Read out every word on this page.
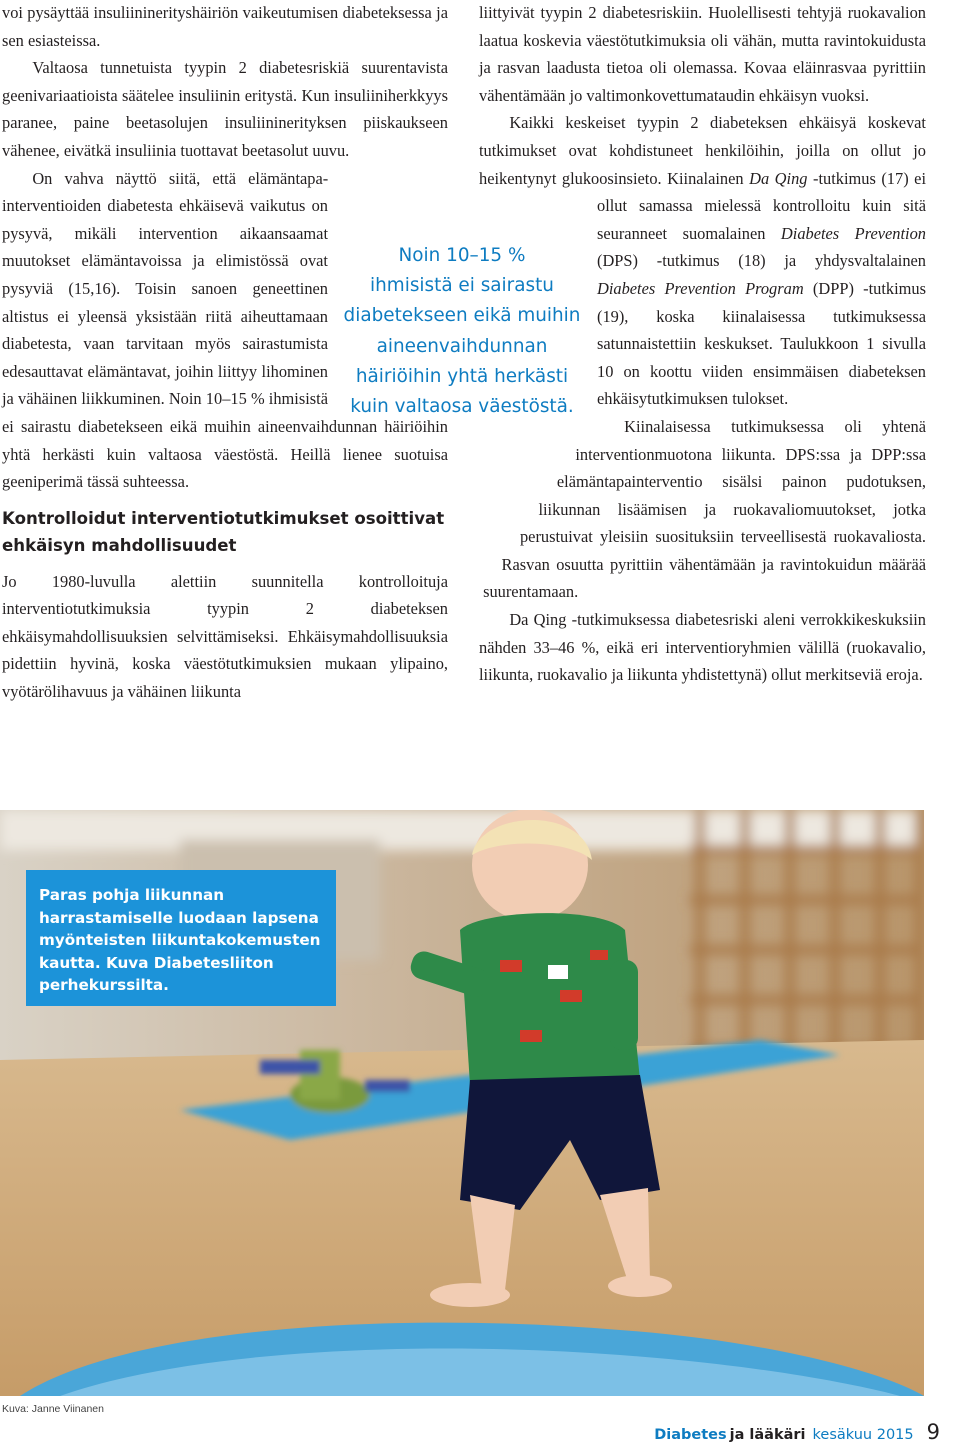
voi pysäyttää insuliininerityshäiriön vaikeutumisen diabeteksessa ja sen esiasteissa.

Valtaosa tunnetuista tyypin 2 diabetesriskiä suurentavista geenivariaatioista säätelee insuliinin eritystä. Kun insuliiniherkkyys paranee, paine beetasolujen insuliininerityksen piiskaukseen vähenee, eivätkä insuliinia tuottavat beetasolut uuvu.

On vahva näyttö siitä, että elämäntapainterventioiden diabetesta ehkäisevä vaikutus on pysyvä, mikäli intervention aikaansaamat muutokset elämäntavoissa ja elimistössä ovat pysyviä (15,16). Toisin sanoen geneettinen altistus ei yleensä yksistään riitä aiheuttamaan diabetesta, vaan tarvitaan myös sairastumista edesauttavat elämäntavat, joihin liittyy lihominen ja vähäinen liikkuminen. Noin 10–15 % ihmisistä ei sairastu diabetekseen eikä muihin aineenvaihdunnan häiriöihin yhtä herkästi kuin valtaosa väestöstä. Heillä lienee suotuisa geeniperimä tässä suhteessa.

Kontrolloidut interventiotutkimukset osoittivat ehkäisyn mahdollisuudet

Jo 1980-luvulla alettiin suunnitella kontrolloituja interventiotutkimuksia tyypin 2 diabeteksen ehkäisymahdollisuuksien selvittämiseksi. Ehkäisymahdollisuuksia pidettiin hyvinä, koska väestötutkimuksien mukaan ylipaino, vyötärölihavuus ja vähäinen liikunta

liittyivät tyypin 2 diabetesriskiin. Huolellisesti tehtyjä ruokavalion laatua koskevia väestötutkimuksia oli vähän, mutta ravintokuidusta ja rasvan laadusta tietoa oli olemassa. Kovaa eläinrasvaa pyrittiin vähentämään jo valtimonkovettumataudin ehkäisyn vuoksi.

Kaikki keskeiset tyypin 2 diabeteksen ehkäisyä koskevat tutkimukset ovat kohdistuneet henkilöihin, joilla on ollut jo heikentynyt glukoosinsieto. Kiinalainen
Da Qing -tutkimus (17) ei ollut samassa mielessä kontrolloitu kuin sitä seuranneet suomalainen Diabetes Prevention (DPS) -tutkimus (18) ja yhdysvaltalainen Diabetes Prevention Program (DPP) -tutkimus (19), koska kiinalaisessa tutkimuksessa satunnaistettiin keskukset. Taulukkoon 1 sivulla 10 on koottu viiden ensimmäisen diabeteksen ehkäisytutkimuksen tulokset.

Kiinalaisessa tutkimuksessa oli yhtenä interventionmuotona liikunta. DPS:ssa ja DPP:ssa elämäntapainterventio sisälsi painon pudotuksen, liikunnan lisäämisen ja ruokavaliomuutokset, jotka perustuivat yleisiin suosituksiin terveellisestä ruokavaliosta. Rasvan osuutta pyrittiin vähentämään ja ravintokuidun määrää suurentamaan.

Da Qing -tutkimuksessa diabetesriski aleni verrokkikeskuksiin nähden 33–46 %, eikä eri interventioryhmien välillä (ruokavalio, liikunta, ruokavalio ja liikunta yhdistettynä) ollut merkitseviä eroja.

Noin 10–15 %
ihmisistä ei sairastu
diabetekseen eikä muihin
aineenvaihdunnan
häiriöihin yhtä herkästi
kuin valtaosa väestöstä.
Paras pohja liikunnan harrastamiselle luodaan lapsena myönteisten liikuntakokemusten kautta. Kuva Diabetesliiton perhekurssilta.
Kuva: Janne Viinanen
Diabetes ja lääkäri kesäkuu 2015 9
